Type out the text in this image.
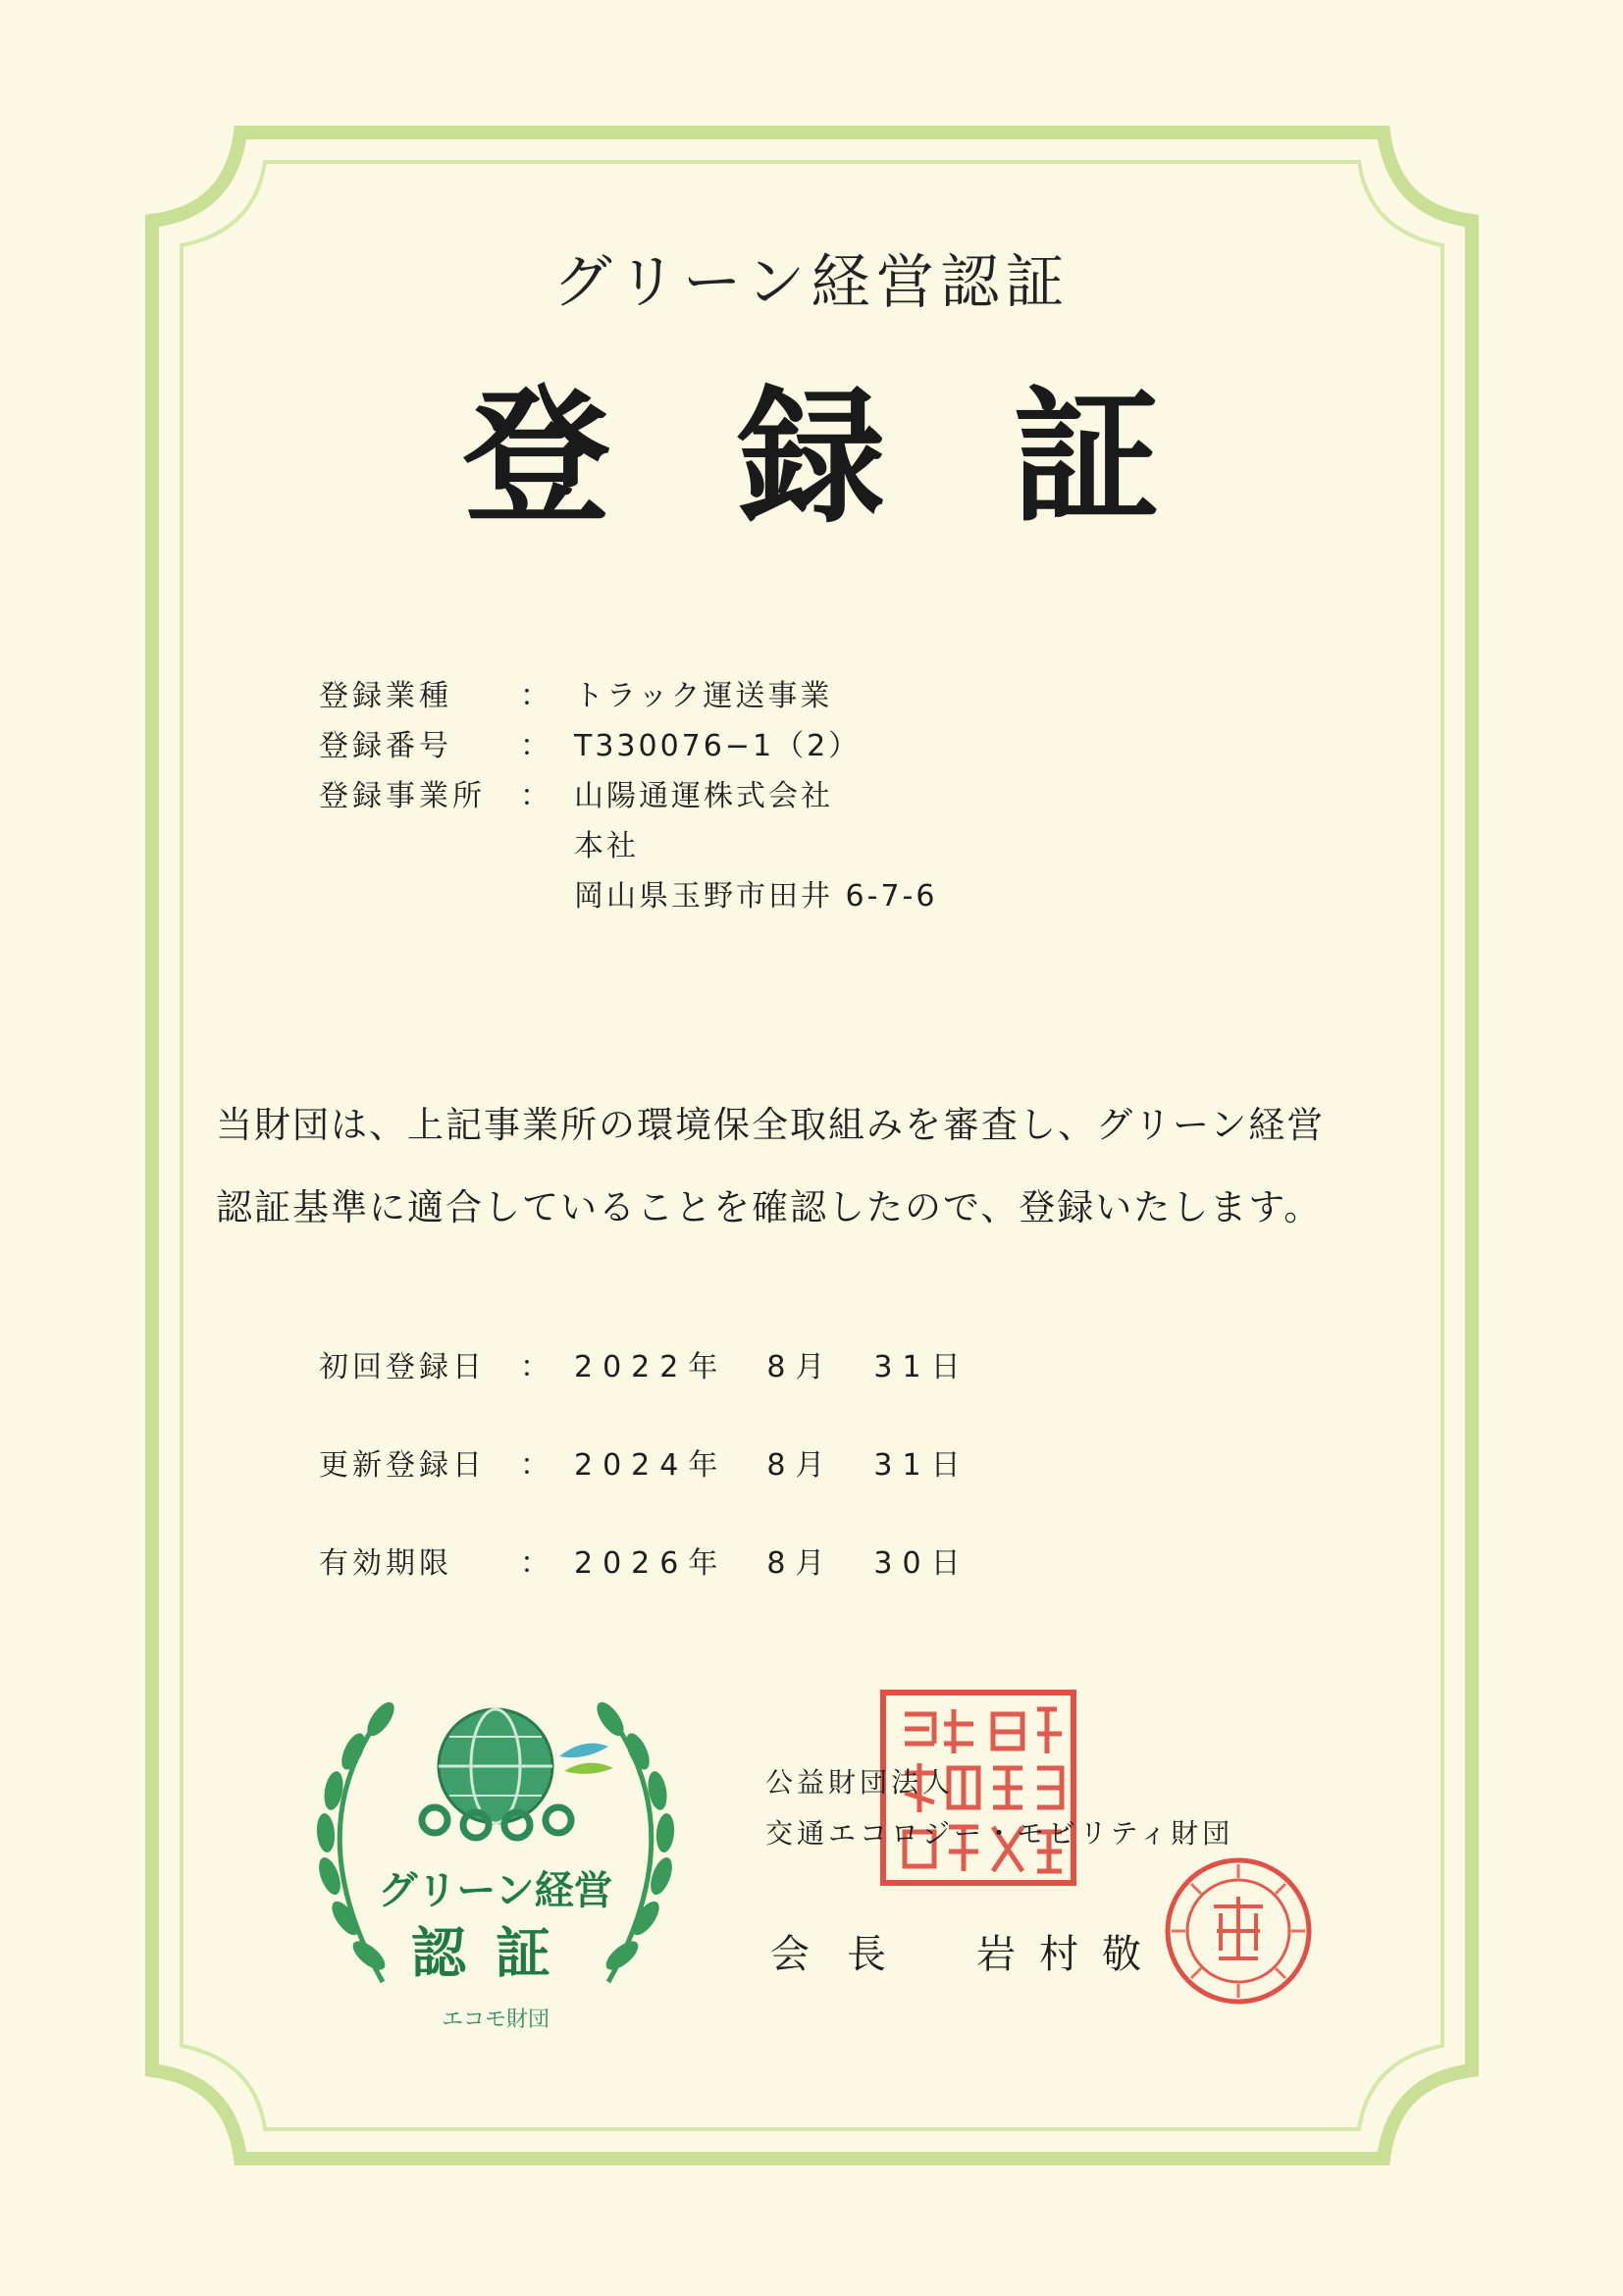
グリーン経営認証
登録証
登録業種	： トラック運送事業
登録番号	： T330076−1（2）
登録事業所	： 山陽通運株式会社
本社
岡山県玉野市田井 6-7-6

当財団は、上記事業所の環境保全取組みを審査し、グリーン経営

認証基準に適合していることを確認したので、登録いたします。

初回登録日	： 2022年　8月　31日
更新登録日	： 2024年　8月　31日
有効期限	： 2026年　8月　30日
グリーン経営
認証
エコモ財団
公益財団法人
交通エコロジー・モビリティ財団
会長	岩村敬
